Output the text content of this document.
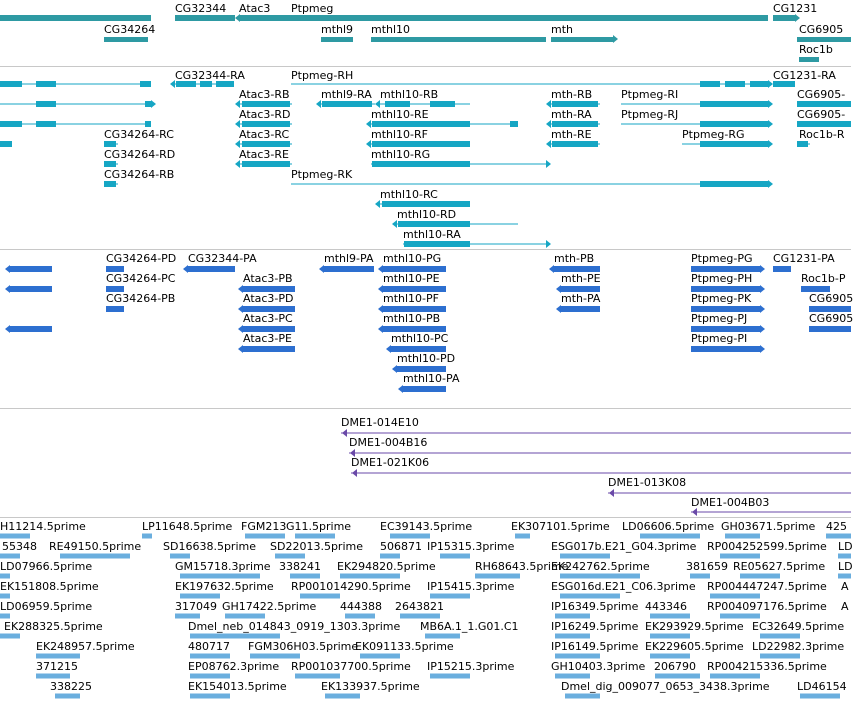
CG32344 Atac3 Ptpmeg	CG1231
CG34264	CG6905
mthl9 mthl10	mth
Roc1b
CG32344-RA	Ptpmeg-RH	CG1231-RA
Atac3-RB	mthl9-RA mthl10-RB	mth-RB	Ptpmeg-RI	CG6905-
Atac3-RD	mthl10-RE	mth-RA	Ptpmeg-RJ	CG6905-
CG34264-RC	Atac3-RC	mthl10-RF	mth-RE	Ptpmeg-RG	Roc1b-R
CG34264-RD	Atac3-RE	mthl10-RG
CG34264-RB	Ptpmeg-RK
mthl10-RC
mthl10-RD
mthl10-RA
CG34264-PD CG32344-PA	mthl9-PA mthl10-PG	mth-PB	Ptpmeg-PG CG1231-PA
CG34264-PC	mthl10-PE	Ptpmeg-PH	Roc1b-P
Atac3-PB
mthl10-PF
mth-PE
Ptpmeg-PK	CG6905
CG34264-PB	Atac3-PD
mthl10-PB
mth-PA
Ptpmeg-PJ	CG6905
Atac3-PC
mthl10-PC	Ptpmeg-PI
Atac3-PE
mthl10-PD
mthl10-PA
DME1-014E10
DME1-004B16
DME1-021K06
DME1-013K08
DME1-004B03
H11214.5prime	LP11648.5prime FGM213 G11.5prime	EC39143.5prime	EK307101.5prime LD06606.5prime GH03671.5prime 425
55348 RE49150.5prime SD16638.5prime SD22013.5prime 506871 IP15315.3prime	ESG017b.E21_G04.3prime RP004252599.5prime LD
LD07966.5prime	GM15718.3prime 338241 EK294820.5prime	RH68643.5prime
EK242762.5prime	381659 RE05627.5prime LD
EK151808.5prime	EK197632.5prime RP001014290.5prime IP15415.3prime	ESG016d.E21_C06.3prime RP004447247.5prime A
LD06959.5prime	317049 GH17422.5prime 444388 2643821	IP16349.5prime 443346 RP004097176.5prime A
EK288325.5prime	Dmel_neb_014843_0919_1303.3prime MB6A.1_1.G01.C1	IP16249.5prime EK293929.5prime EC32649.5prime
EK248957.5prime	480717 FGM306H03.5prime
EK091133.5prime	IP16149.5prime EK229605.5prime LD22982.3prime
371215	EP08762.3prime RP001037700.5prime IP15215.3prime	GH10403.3prime 206790 RP004215336.5prime
338225	EK154013.5prime	EK133937.5prime	Dmel_dig_009077_0653_3438.3prime LD46154
